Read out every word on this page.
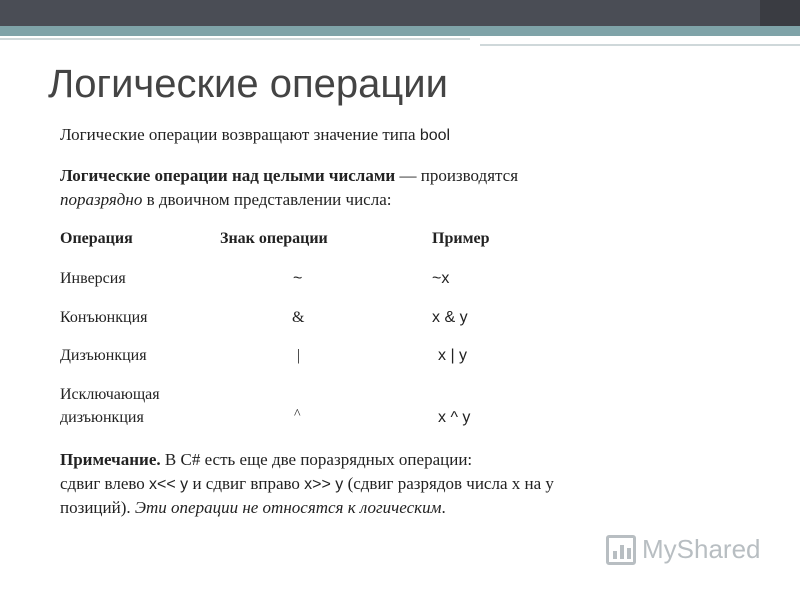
Логические операции
Логические операции возвращают значение типа bool
Логические операции над целыми числами — производятся
поразрядно в двоичном представлении числа:
Операция	Знак операции	Пример
Инверсия	~	~x
Конъюнкция	&	x & y
Дизъюнкция	|	x | y
Исключающая
дизъюнкция	^	x ^ y
Примечание. В C# есть еще две поразрядных операции:
сдвиг влево x<< y и сдвиг вправо x>> y (сдвиг разрядов числа x на y
позиций). Эти операции не относятся к логическим.
MyShared
